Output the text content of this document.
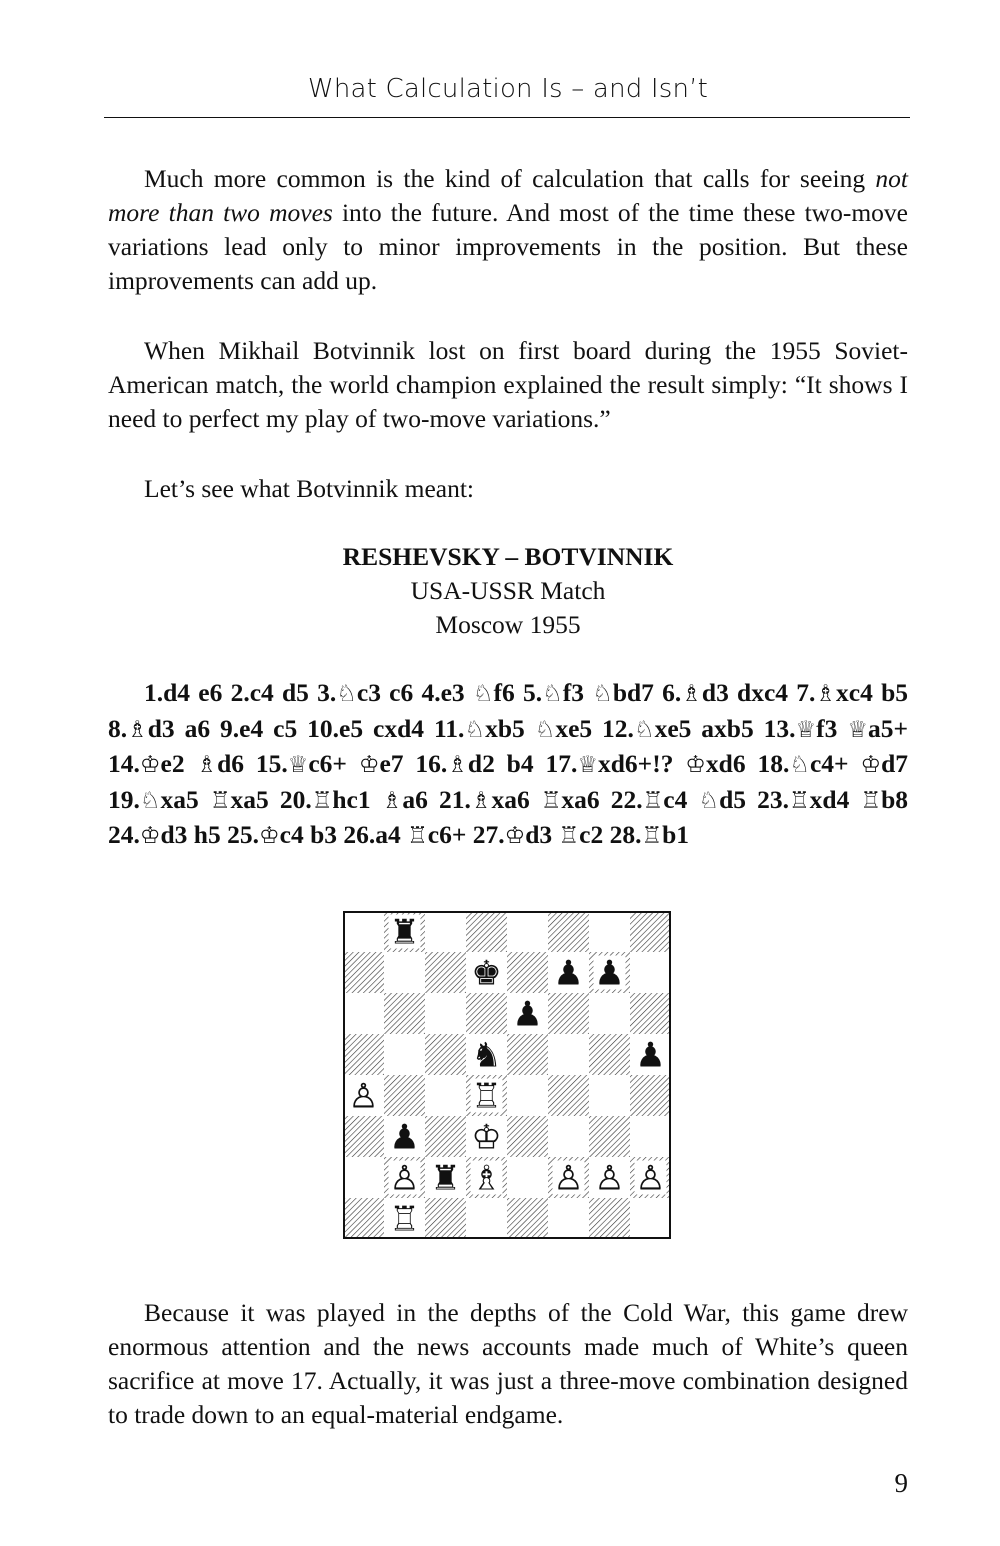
What Calculation Is – and Isn’t

Much more common is the kind of calculation that calls for seeing not more than two moves into the future. And most of the time these two-move variations lead only to minor improvements in the position. But these improvements can add up.

When Mikhail Botvinnik lost on first board during the 1955 Soviet-American match, the world champion explained the result simply: “It shows I need to perfect my play of two-move variations.”

Let’s see what Botvinnik meant:

RESHEVSKY – BOTVINNIK
USA-USSR Match
Moscow 1955

1.d4 e6 2.c4 d5 3.♘c3 c6 4.e3 ♘f6 5.♘f3 ♘bd7 6.♗d3 dxc4 7.♗xc4 b5 8.♗d3 a6 9.e4 c5 10.e5 cxd4 11.♘xb5 ♘xe5 12.♘xe5 axb5 13.♕f3 ♕a5+ 14.♔e2 ♗d6 15.♕c6+ ♔e7 16.♗d2 b4 17.♕xd6+!? ♔xd6 18.♘c4+ ♔d7 19.♘xa5 ♖xa5 20.♖hc1 ♗a6 21.♗xa6 ♖xa6 22.♖c4 ♘d5 23.♖xd4 ♖b8 24.♔d3 h5 25.♔c4 b3 26.a4 ♖c6+ 27.♔d3 ♖c2 28.♖b1

♜
♚ ♟ ♟
♟
♞	♟
♙	♖
♟ ♔
♙ ♜ ♗ ♙ ♙ ♙
♖

Because it was played in the depths of the Cold War, this game drew enormous attention and the news accounts made much of White’s queen sacrifice at move 17. Actually, it was just a three-move combination designed to trade down to an equal-material endgame.

9
